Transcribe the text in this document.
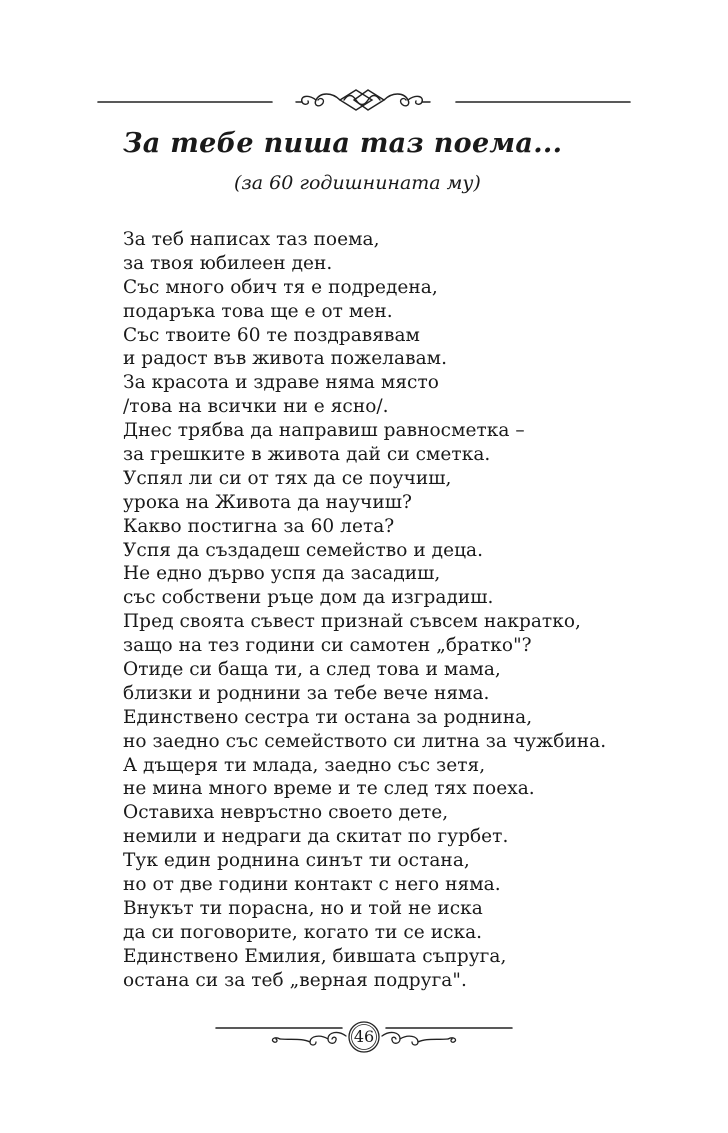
За тебе пиша таз поема...
(за 60 годишнината му)
За теб написах таз поема,
за твоя юбилеен ден.
Със много обич тя е подредена,
подаръка това ще е от мен.
Със твоите 60 те поздравявам
и радост във живота пожелавам.
За красота и здраве няма място
/това на всички ни е ясно/.
Днес трябва да направиш равносметка –
за грешките в живота дай си сметка.
Успял ли си от тях да се поучиш,
урока на Живота да научиш?
Какво постигна за 60 лета?
Успя да създадеш семейство и деца.
Не едно дърво успя да засадиш,
със собствени ръце дом да изградиш.
Пред своята съвест признай съвсем накратко,
защо на тез години си самотен „братко"?
Отиде си баща ти, а след това и мама,
близки и роднини за тебе вече няма.
Единствено сестра ти остана за роднина,
но заедно със семейството си литна за чужбина.
А дъщеря ти млада, заедно със зетя,
не мина много време и те след тях поеха.
Оставиха невръстно своето дете,
немили и недраги да скитат по гурбет.
Тук един роднина синът ти остана,
но от две години контакт с него няма.
Внукът ти порасна, но и той не иска
да си поговорите, когато ти се иска.
Единствено Емилия, бившата съпруга,
остана си за теб „верная подруга".
46
